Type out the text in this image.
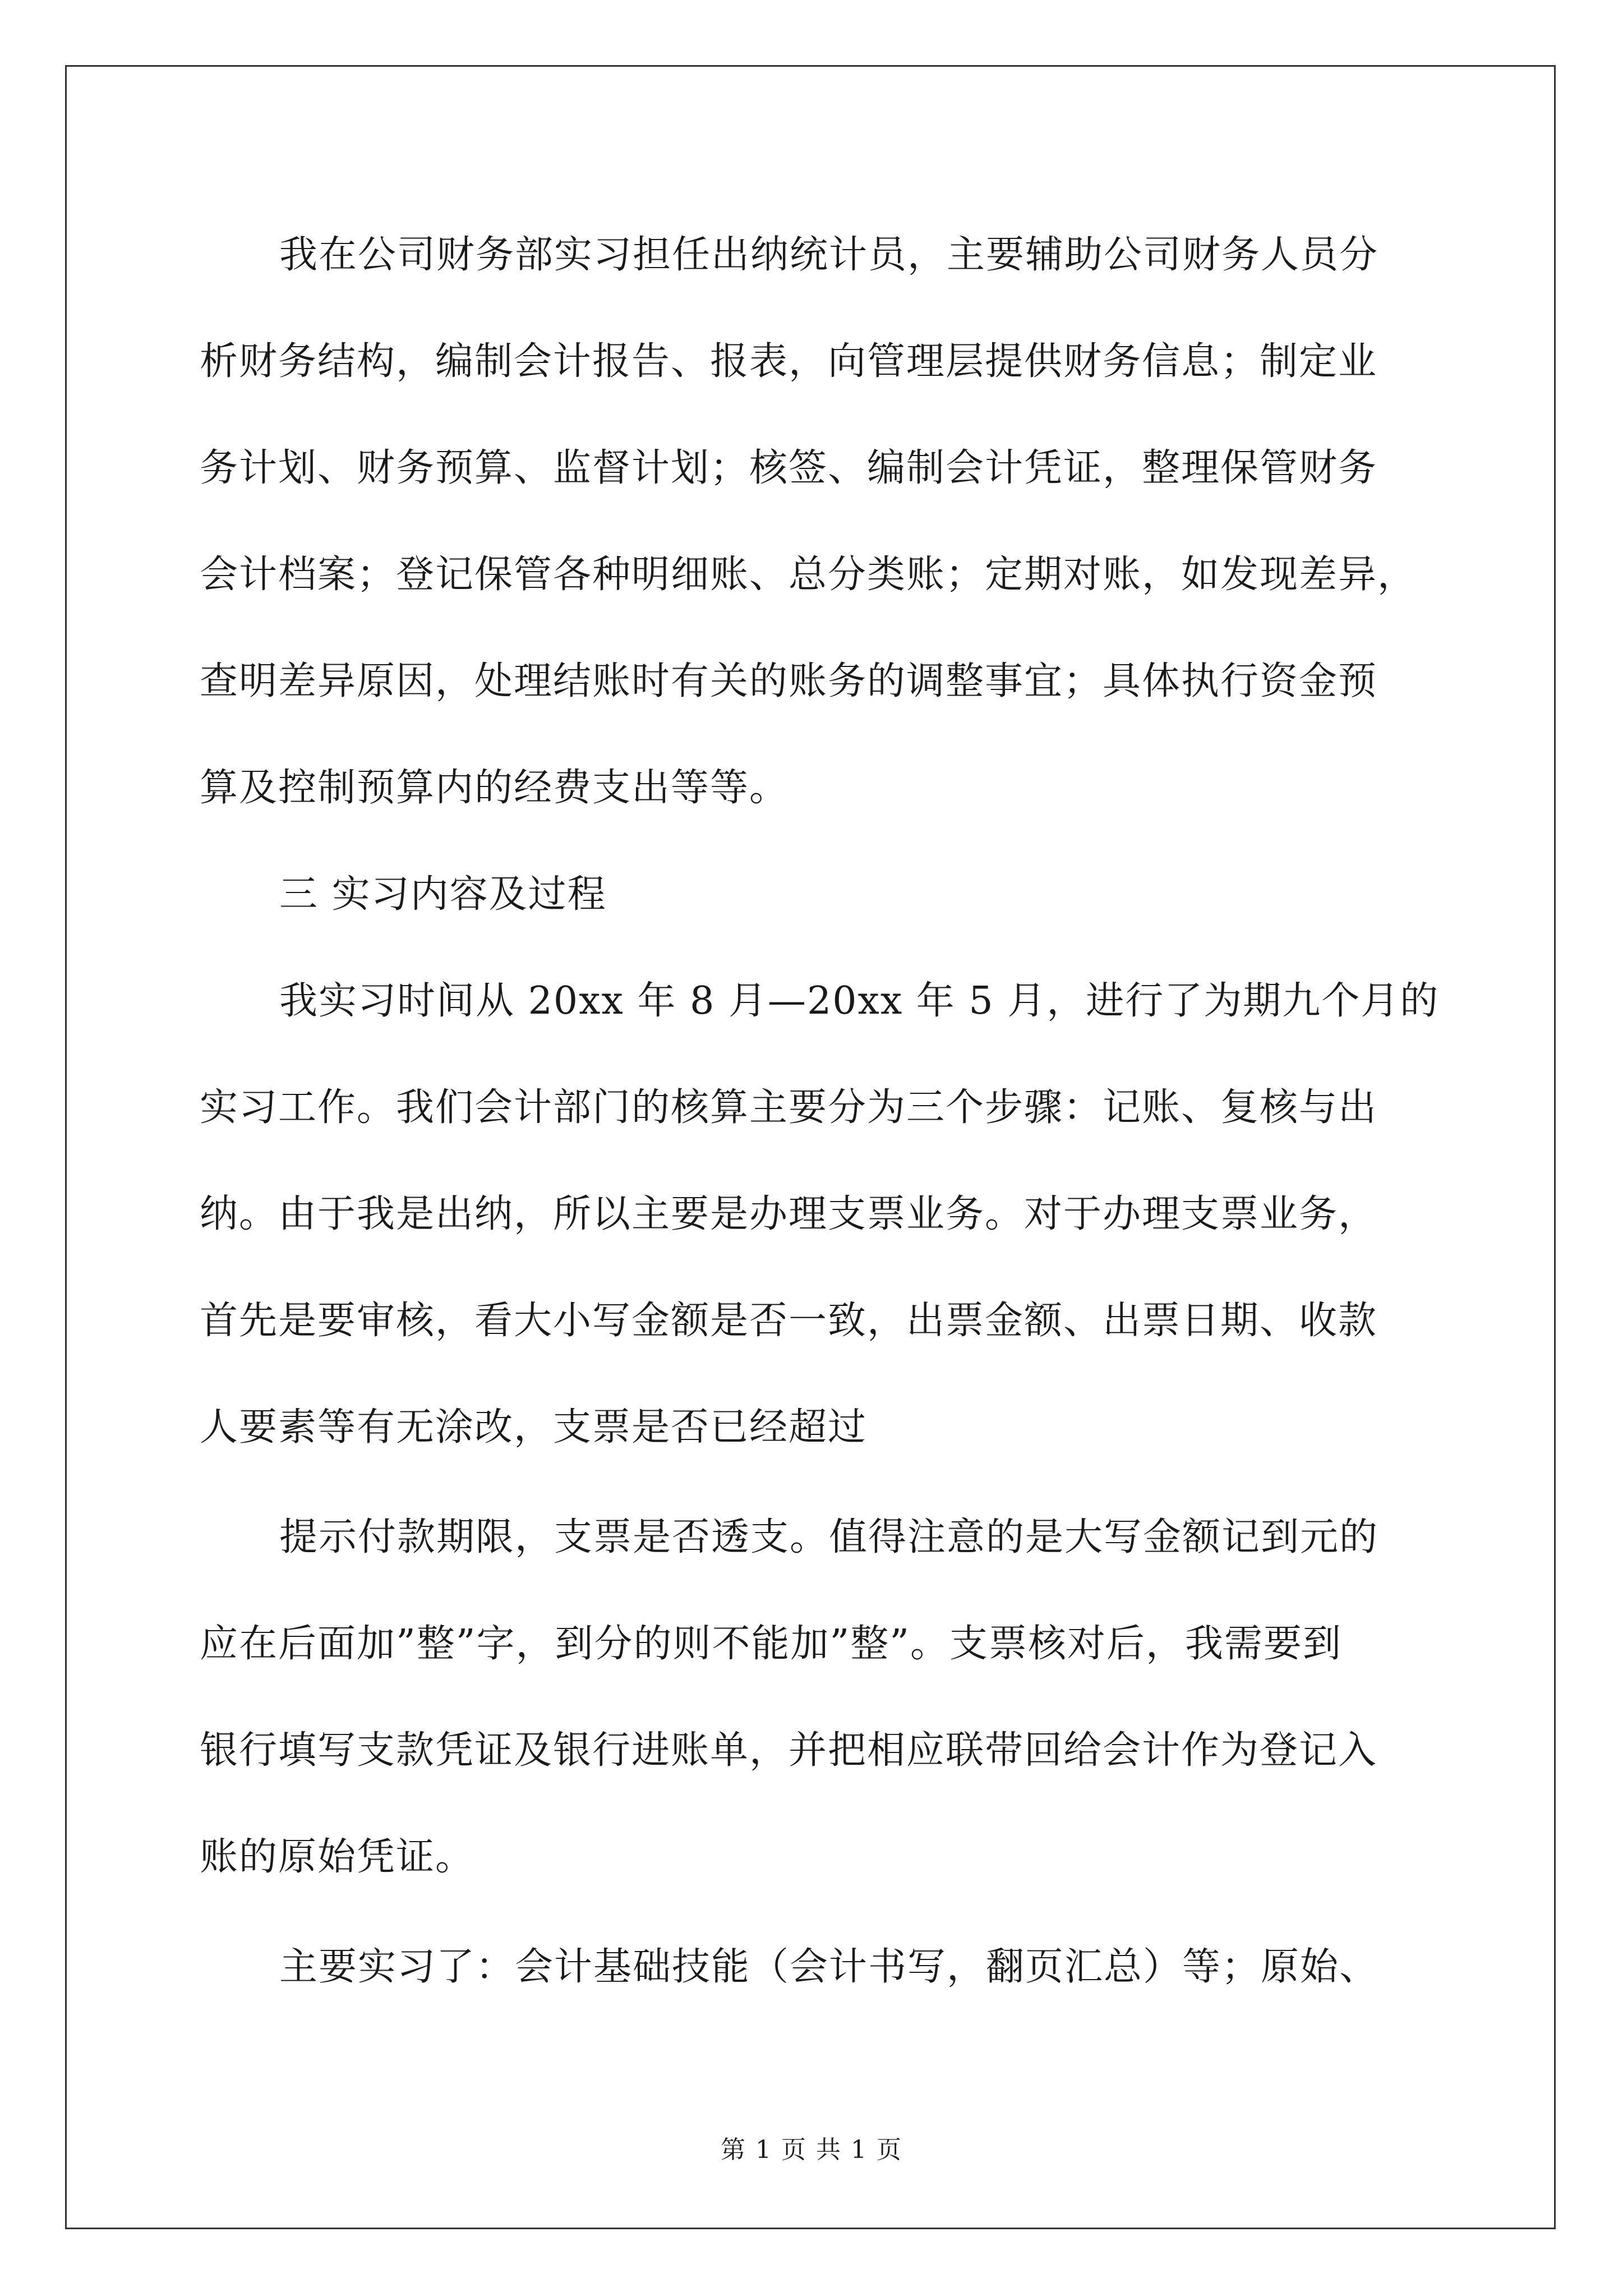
我在公司财务部实习担任出纳统计员，主要辅助公司财务人员分
析财务结构，编制会计报告、报表，向管理层提供财务信息；制定业
务计划、财务预算、监督计划；核签、编制会计凭证，整理保管财务
会计档案；登记保管各种明细账、总分类账；定期对账，如发现差异，
查明差异原因，处理结账时有关的账务的调整事宜；具体执行资金预
算及控制预算内的经费支出等等。

三 实习内容及过程

我实习时间从 20xx 年 8 月—20xx 年 5 月，进行了为期九个月的
实习工作。我们会计部门的核算主要分为三个步骤：记账、复核与出
纳。由于我是出纳，所以主要是办理支票业务。对于办理支票业务，
首先是要审核，看大小写金额是否一致，出票金额、出票日期、收款
人要素等有无涂改，支票是否已经超过

提示付款期限，支票是否透支。值得注意的是大写金额记到元的
应在后面加”整”字，到分的则不能加”整”。支票核对后，我需要到
银行填写支款凭证及银行进账单，并把相应联带回给会计作为登记入
账的原始凭证。

主要实习了：会计基础技能（会计书写，翻页汇总）等；原始、

第 1 页 共 1 页
